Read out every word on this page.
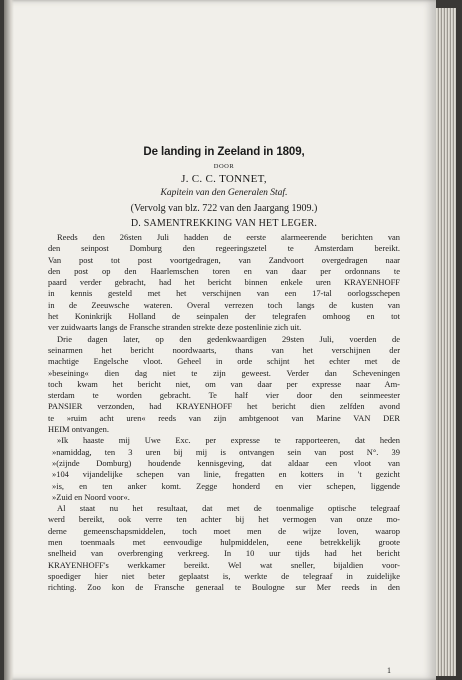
De landing in Zeeland in 1809,
DOOR
J. C. C. TONNET,
Kapitein van den Generalen Staf.
(Vervolg van blz. 722 van den Jaargang 1909.)
D. SAMENTREKKING VAN HET LEGER.
Reeds den 26sten Juli hadden de eerste alarmeerende berichten van
den seinpost Domburg den regeeringszetel te Amsterdam bereikt.
Van post tot post voortgedragen, van Zandvoort overgedragen naar
den post op den Haarlemschen toren en van daar per ordonnans te
paard verder gebracht, had het bericht binnen enkele uren KRAYENHOFF
in kennis gesteld met het verschijnen van een 17-tal oorlogsschepen
in de Zeeuwsche wateren. Overal verrezen toch langs de kusten van
het Koninkrijk Holland de seinpalen der telegrafen omhoog en tot
ver zuidwaarts langs de Fransche stranden strekte deze postenlinie zich uit.
Drie dagen later, op den gedenkwaardigen 29sten Juli, voerden de
seinarmen het bericht noordwaarts, thans van het verschijnen der
machtige Engelsche vloot. Geheel in orde schijnt het echter met de
»beseining« dien dag niet te zijn geweest. Verder dan Scheveningen
toch kwam het bericht niet, om van daar per expresse naar Am-
sterdam te worden gebracht. Te half vier door den seinmeester
PANSIER verzonden, had KRAYENHOFF het bericht dien zelfden avond
te »ruim acht uren« reeds van zijn ambtgenoot van Marine VAN DER
HEIM ontvangen.
»Ik haaste mij Uwe Exc. per expresse te rapporteeren, dat heden
»namiddag, ten 3 uren bij mij is ontvangen sein van post N°. 39
»(zijnde Domburg) houdende kennisgeving, dat aldaar een vloot van
»104 vijandelijke schepen van linie, fregatten en kotters in 't gezicht
»is, en ten anker komt. Zegge honderd en vier schepen, liggende
»Zuid en Noord voor«.
Al staat nu het resultaat, dat met de toenmalige optische telegraaf
werd bereikt, ook verre ten achter bij het vermogen van onze mo-
derne gemeenschapsmiddelen, toch moet men de wijze loven, waarop
men toenmaals met eenvoudige hulpmiddelen, eene betrekkelijk groote
snelheid van overbrenging verkreeg. In 10 uur tijds had het bericht
KRAYENHOFF's werkkamer bereikt. Wel wat sneller, bijaldien voor-
spoediger hier niet beter geplaatst is, werkte de telegraaf in zuidelijke
richting. Zoo kon de Fransche generaal te Boulogne sur Mer reeds in den
1
